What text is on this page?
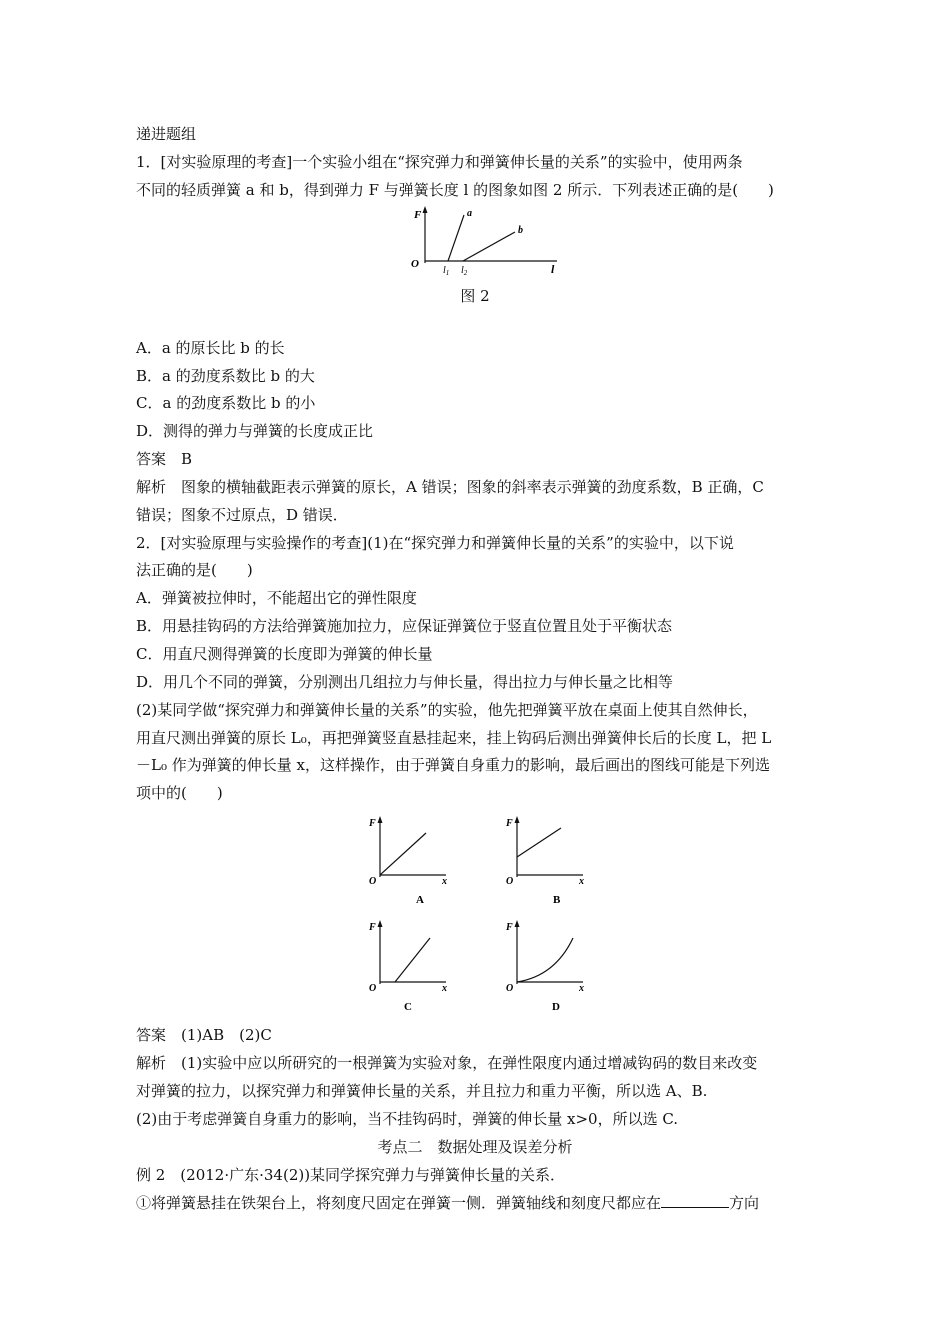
递进题组
1．[对实验原理的考查]一个实验小组在“探究弹力和弹簧伸长量的关系”的实验中，使用两条
不同的轻质弹簧 a 和 b，得到弹力 F 与弹簧长度 l 的图象如图 2 所示．下列表述正确的是(　　)
F
O	l
a
b
$l_1$ $l_2$
图 2
A．a 的原长比 b 的长
B．a 的劲度系数比 b 的大
C．a 的劲度系数比 b 的小
D．测得的弹力与弹簧的长度成正比
答案　B
解析　图象的横轴截距表示弹簧的原长，A 错误；图象的斜率表示弹簧的劲度系数，B 正确，C
错误；图象不过原点，D 错误．
2．[对实验原理与实验操作的考查](1)在“探究弹力和弹簧伸长量的关系”的实验中，以下说
法正确的是(　　)
A．弹簧被拉伸时，不能超出它的弹性限度
B．用悬挂钩码的方法给弹簧施加拉力，应保证弹簧位于竖直位置且处于平衡状态
C．用直尺测得弹簧的长度即为弹簧的伸长量
D．用几个不同的弹簧，分别测出几组拉力与伸长量，得出拉力与伸长量之比相等
(2)某同学做“探究弹力和弹簧伸长量的关系”的实验，他先把弹簧平放在桌面上使其自然伸长，
用直尺测出弹簧的原长 L₀，再把弹簧竖直悬挂起来，挂上钩码后测出弹簧伸长后的长度 L，把 L
－L₀ 作为弹簧的伸长量 x，这样操作，由于弹簧自身重力的影响，最后画出的图线可能是下列选
项中的(　　)
F
O	x
A
F
O	x
B
F
O	x
C
F
O	x
D
答案　(1)AB　(2)C
解析　(1)实验中应以所研究的一根弹簧为实验对象，在弹性限度内通过增减钩码的数目来改变
对弹簧的拉力，以探究弹力和弹簧伸长量的关系，并且拉力和重力平衡，所以选 A、B.
(2)由于考虑弹簧自身重力的影响，当不挂钩码时，弹簧的伸长量 x>0，所以选 C.
考点二　数据处理及误差分析
例 2　(2012·广东·34(2))某同学探究弹力与弹簧伸长量的关系．
①将弹簧悬挂在铁架台上，将刻度尺固定在弹簧一侧．弹簧轴线和刻度尺都应在	方向
